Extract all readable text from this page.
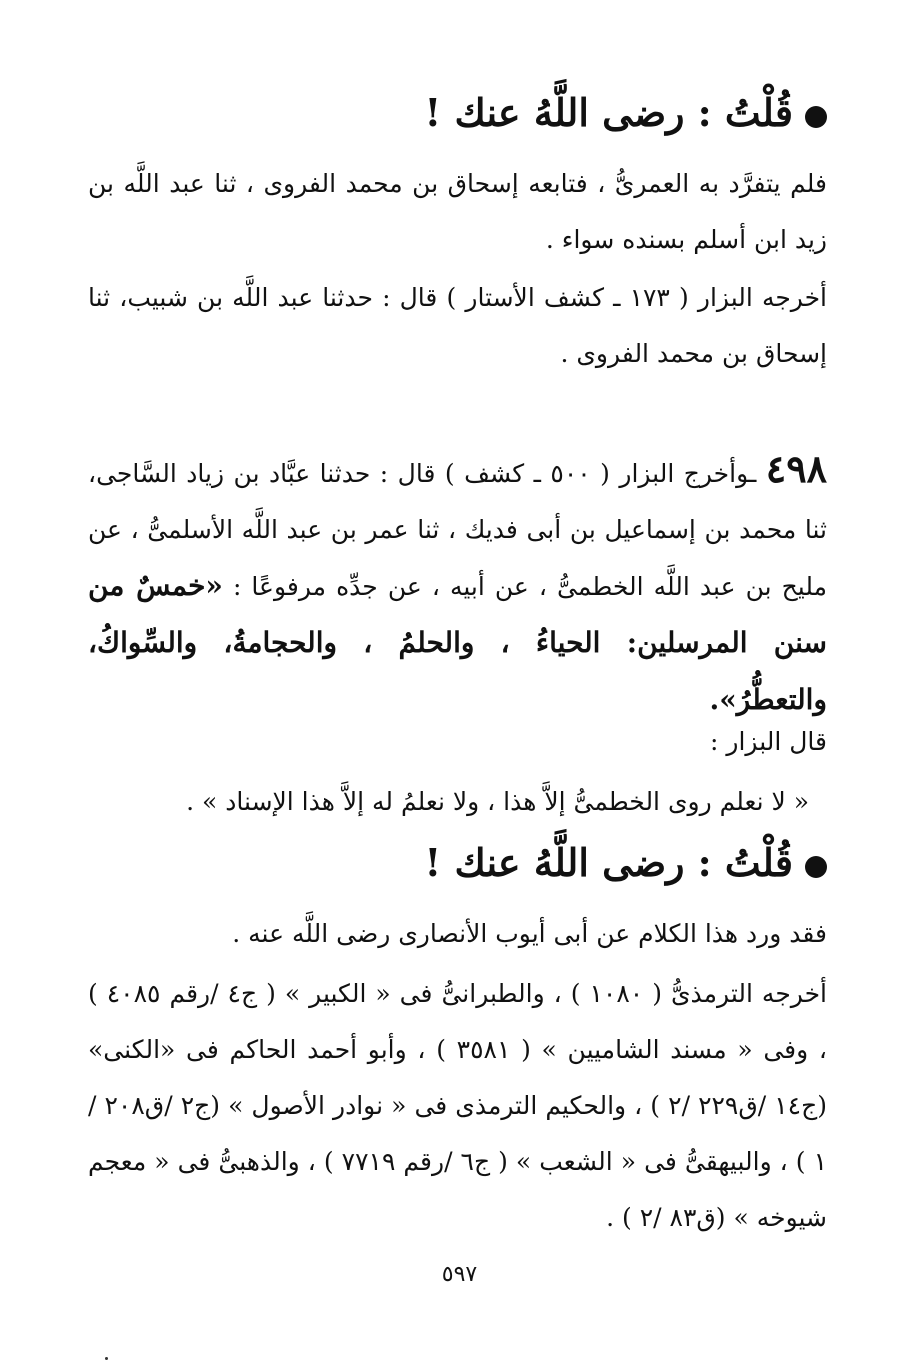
قُلْتُ : رضى اللَّهُ عنك !

فلم يتفرَّد به العمرىُّ ، فتابعه إسحاق بن محمد الفروى ، ثنا عبد اللَّه بن زيد ابن أسلم بسنده سواء .

أخرجه البزار ( ١٧٣ ـ كشف الأستار ) قال : حدثنا عبد اللَّه بن شبيب، ثنا إسحاق بن محمد الفروى .

٤٩٨ ـوأخرج البزار ( ٥٠٠ ـ كشف ) قال : حدثنا عبَّاد بن زياد السَّاجى، ثنا محمد بن إسماعيل بن أبى فديك ، ثنا عمر بن عبد اللَّه الأسلمىُّ ، عن مليح بن عبد اللَّه الخطمىُّ ، عن أبيه ، عن جدِّه مرفوعًا : «خمسٌ من سنن المرسلين: الحياءُ ، والحلمُ ، والحجامةُ، والسِّواكُ، والتعطُّرُ».

قال البزار :

« لا نعلم روى الخطمىُّ إلاَّ هذا ، ولا نعلمُ له إلاَّ هذا الإسناد » .

قُلْتُ : رضى اللَّهُ عنك !

فقد ورد هذا الكلام عن أبى أيوب الأنصارى رضى اللَّه عنه .

أخرجه الترمذىُّ ( ١٠٨٠ ) ، والطبرانىُّ فى « الكبير » ( ج٤ /رقم ٤٠٨٥ ) ، وفى « مسند الشاميين » ( ٣٥٨١ ) ، وأبو أحمد الحاكم فى «الكنى» (ج١٤ /ق٢٢٩ /٢ ) ، والحكيم الترمذى فى « نوادر الأصول » (ج٢ /ق٢٠٨ /١ ) ، والبيهقىُّ فى « الشعب » ( ج٦ /رقم ٧٧١٩ ) ، والذهبىُّ فى « معجم شيوخه » (ق٨٣ /٢ ) .

٥٩٧
